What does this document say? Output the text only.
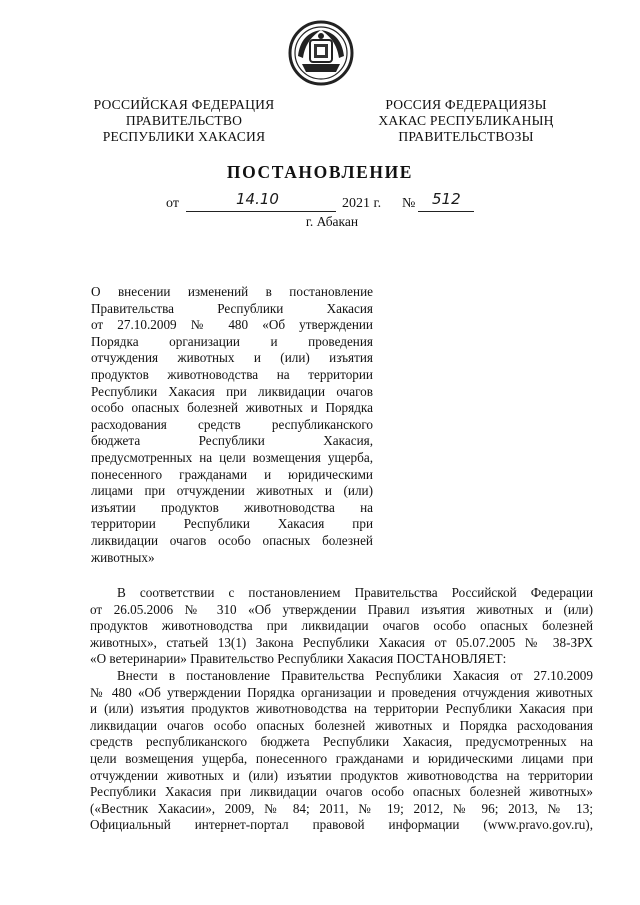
РОССИЙСКАЯ ФЕДЕРАЦИЯ
ПРАВИТЕЛЬСТВО
РЕСПУБЛИКИ ХАКАСИЯ
РОССИЯ ФЕДЕРАЦИЯЗЫ
ХАКАС РЕСПУБЛИКАНЫҢ
ПРАВИТЕЛЬСТВОЗЫ
ПОСТАНОВЛЕНИЕ
от	14.10	2021 г. № 512
г. Абакан
О внесении изменений в постановление
Правительства Республики Хакасия
от 27.10.2009 № 480 «Об утверждении
Порядка организации и проведения
отчуждения животных и (или) изъятия
продуктов животноводства на территории
Республики Хакасия при ликвидации очагов
особо опасных болезней животных и Порядка
расходования средств республиканского
бюджета Республики Хакасия,
предусмотренных на цели возмещения ущерба,
понесенного гражданами и юридическими
лицами при отчуждении животных и (или)
изъятии продуктов животноводства на
территории Республики Хакасия при
ликвидации очагов особо опасных болезней
животных»
В соответствии с постановлением Правительства Российской Федерации
от 26.05.2006 № 310 «Об утверждении Правил изъятия животных и (или)
продуктов животноводства при ликвидации очагов особо опасных болезней
животных», статьей 13(1) Закона Республики Хакасия от 05.07.2005 № 38-ЗРХ
«О ветеринарии» Правительство Республики Хакасия ПОСТАНОВЛЯЕТ:
Внести в постановление Правительства Республики Хакасия от 27.10.2009
№ 480 «Об утверждении Порядка организации и проведения отчуждения животных
и (или) изъятия продуктов животноводства на территории Республики Хакасия при
ликвидации очагов особо опасных болезней животных и Порядка расходования
средств республиканского бюджета Республики Хакасия, предусмотренных на
цели возмещения ущерба, понесенного гражданами и юридическими лицами при
отчуждении животных и (или) изъятии продуктов животноводства на территории
Республики Хакасия при ликвидации очагов особо опасных болезней животных»
(«Вестник Хакасии», 2009, № 84; 2011, № 19; 2012, № 96; 2013, № 13;
Официальный интернет-портал правовой информации (www.pravo.gov.ru),
